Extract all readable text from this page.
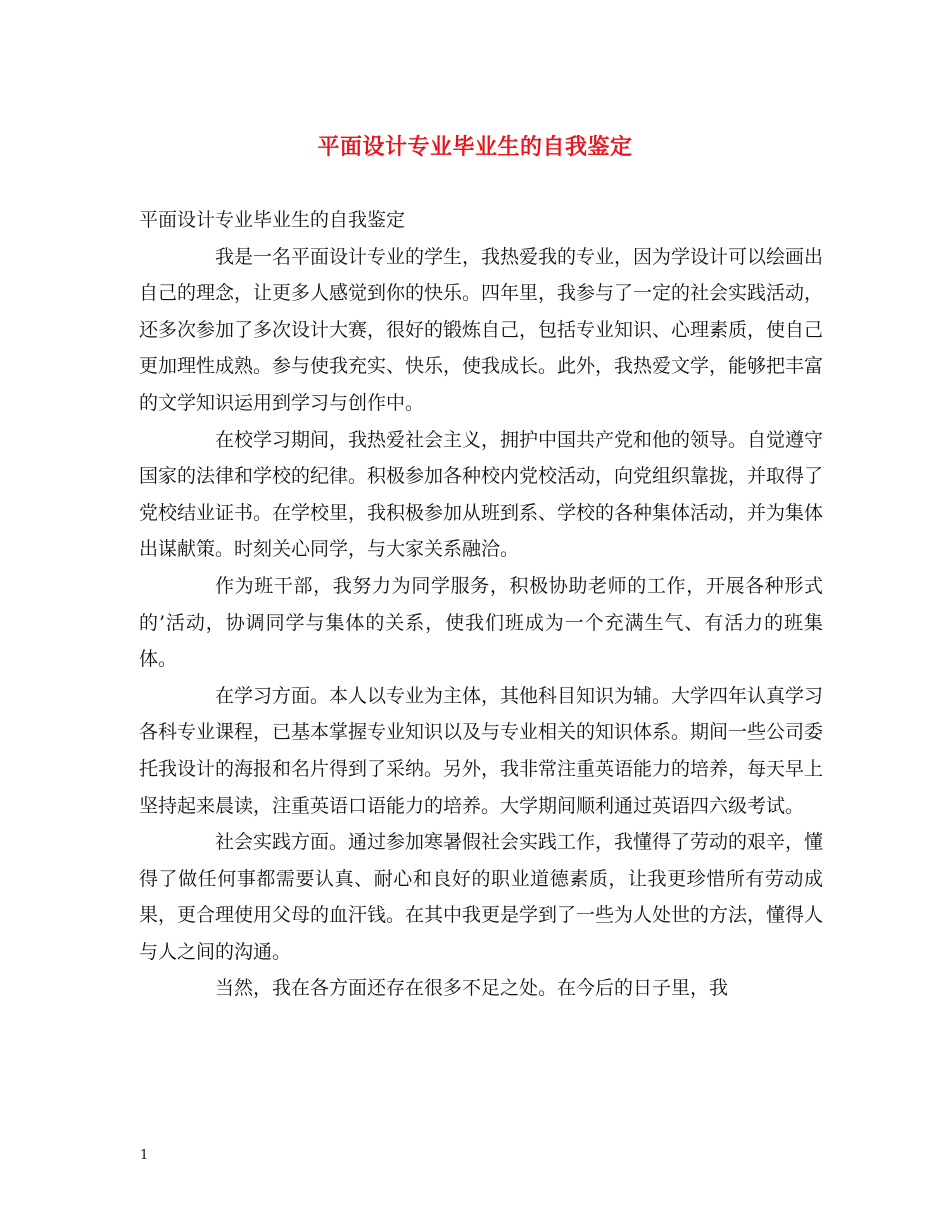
平面设计专业毕业生的自我鉴定

平面设计专业毕业生的自我鉴定

我是一名平面设计专业的学生，我热爱我的专业，因为学设计可以绘画出自己的理念，让更多人感觉到你的快乐。四年里，我参与了一定的社会实践活动，还多次参加了多次设计大赛，很好的锻炼自己，包括专业知识、心理素质，使自己更加理性成熟。参与使我充实、快乐，使我成长。此外，我热爱文学，能够把丰富的文学知识运用到学习与创作中。

在校学习期间，我热爱社会主义，拥护中国共产党和他的领导。自觉遵守国家的法律和学校的纪律。积极参加各种校内党校活动，向党组织靠拢，并取得了党校结业证书。在学校里，我积极参加从班到系、学校的各种集体活动，并为集体出谋献策。时刻关心同学，与大家关系融洽。

作为班干部，我努力为同学服务，积极协助老师的工作，开展各种形式的’活动，协调同学与集体的关系，使我们班成为一个充满生气、有活力的班集体。

在学习方面。本人以专业为主体，其他科目知识为辅。大学四年认真学习各科专业课程，已基本掌握专业知识以及与专业相关的知识体系。期间一些公司委托我设计的海报和名片得到了采纳。另外，我非常注重英语能力的培养，每天早上坚持起来晨读，注重英语口语能力的培养。大学期间顺利通过英语四六级考试。

社会实践方面。通过参加寒暑假社会实践工作，我懂得了劳动的艰辛，懂得了做任何事都需要认真、耐心和良好的职业道德素质，让我更珍惜所有劳动成果，更合理使用父母的血汗钱。在其中我更是学到了一些为人处世的方法，懂得人与人之间的沟通。

当然，我在各方面还存在很多不足之处。在今后的日子里，我

1
